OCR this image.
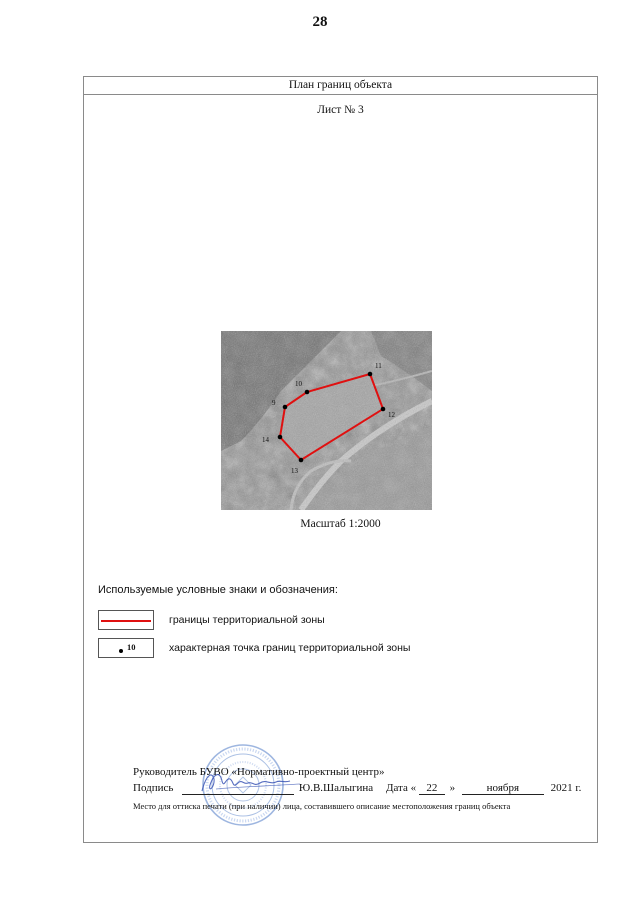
28
План границ объекта
Лист № 3
9
10
11
12
13
14
Масштаб 1:2000
Используемые условные знаки и обозначения:
границы территориальной зоны
10	характерная точка границ территориальной зоны
Руководитель БУВО «Нормативно-проектный центр»
Подпись	Ю.В.Шалыгина Дата « 22 »	ноября	2021 г.
Место для оттиска печати (при наличии) лица, составившего описание местоположения границ объекта
